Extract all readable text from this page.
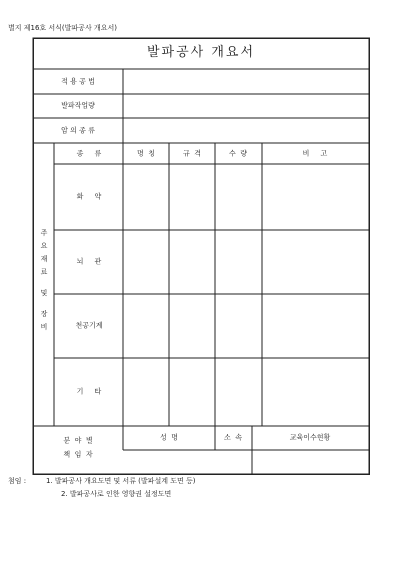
별지 제16호 서식(발파공사 개요서)
발파공사 개요서
적 용 공 법
발파작업량
암 의 종 류
주
요
재
료

및

장
비
종     류	명  칭	규  격	수  량	비     고
화     약
뇌     관
천공기계
기     타
분  야  별
책  임  자
성  명	소  속	교육이수현황
첨임 :	1. 발파공사 개요도면 및 서류 (발파설계 도면 등)
2. 발파공사로 인한 영향권 설정도면
